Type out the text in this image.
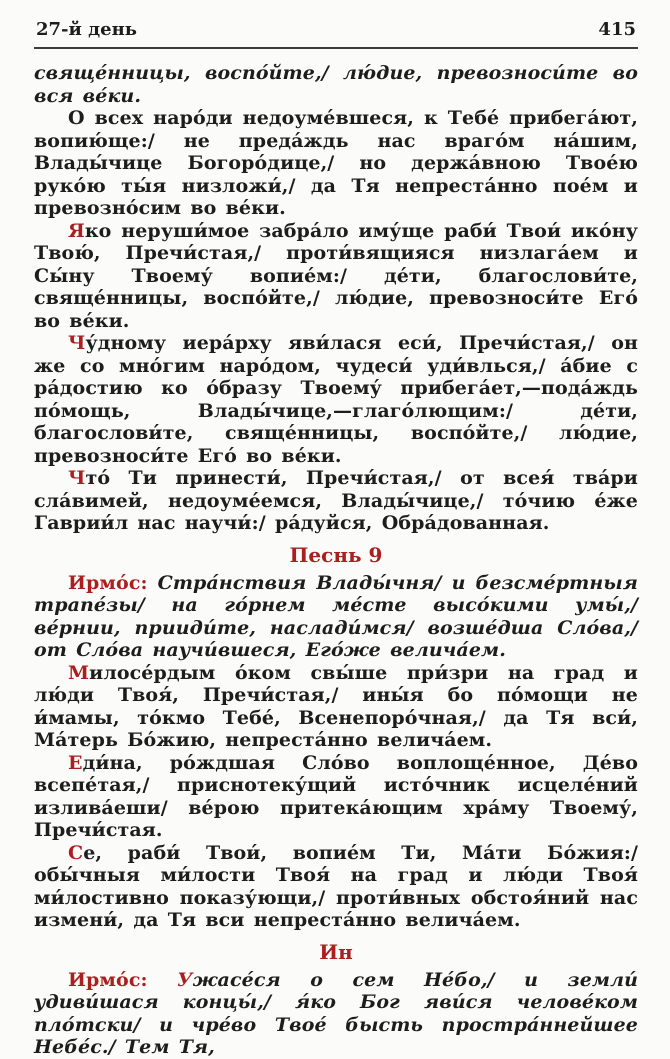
27-й день	415

свяще́нницы, воспо́йте,/ лю́дие, превозноси́те во вся ве́ки.

О всех наро́ди недоуме́вшеся, к Тебе́ прибега́ют, вопию́ще:/ не преда́ждь нас враго́м на́шим, Влады́чице Богоро́дице,/ но держа́вною Твое́ю руко́ю ты́я низложи́,/ да Тя непреста́нно пое́м и превозно́сим во ве́ки.

Яко неруши́мое забра́ло иму́ще раби́ Твои́ ико́ну Твою́, Пречи́стая,/ проти́вящияся низлага́ем и Сы́ну Твоему́ вопие́м:/ де́ти, благослови́те, свяще́нницы, воспо́йте,/ лю́дие, превозноси́те Его́ во ве́ки.

Чу́дному иера́рху яви́лася еси́, Пречи́стая,/ он же со мно́гим наро́дом, чудеси́ уди́влься,/ а́бие с ра́достию ко о́бразу Твоему́ прибега́ет,—пода́ждь по́мощь, Влады́чице,—глаго́лющим:/ де́ти, благослови́те, свяще́нницы, воспо́йте,/ лю́дие, превозноси́те Его́ во ве́ки.

Что́ Ти принести́, Пречи́стая,/ от всея́ тва́ри сла́вимей, недоуме́емся, Влады́чице,/ то́чию е́же Гаврии́л нас научи́:/ ра́дуйся, Обра́дованная.

Песнь 9

Ирмо́с: Стра́нствия Влады́чня/ и безсме́ртныя трапе́зы/ на го́рнем ме́сте высо́кими умы́,/ ве́рнии, прииди́те, наслади́мся/ возше́дша Сло́ва,/ от Сло́ва научи́вшеся, Его́же велича́ем.

Милосе́рдым о́ком свы́ше при́зри на град и лю́ди Твоя́, Пречи́стая,/ ины́я бо по́мощи не и́мамы, то́кмо Тебе́, Всенепоро́чная,/ да Тя вси́, Ма́терь Бо́жию, непреста́нно велича́ем.

Еди́на, ро́ждшая Сло́во воплоще́нное, Де́во всепе́тая,/ приснотеку́щий исто́чник исцеле́ний излива́еши/ ве́рою притека́ющим хра́му Твоему́, Пречи́стая.

Се, раби́ Твои́, вопие́м Ти, Ма́ти Бо́жия:/ обы́чныя ми́лости Твоя́ на град и лю́ди Твоя́ ми́лостивно показу́ющи,/ проти́вных обстоя́ний нас измени́, да Тя вси непреста́нно велича́ем.

Ин

Ирмо́с: Ужасе́ся о сем Не́бо,/ и земли́ удиви́шася концы́,/ я́ко Бог яви́ся челове́ком пло́тски/ и чре́во Твое́ бысть простра́ннейшее Небе́с./ Тем Тя,
